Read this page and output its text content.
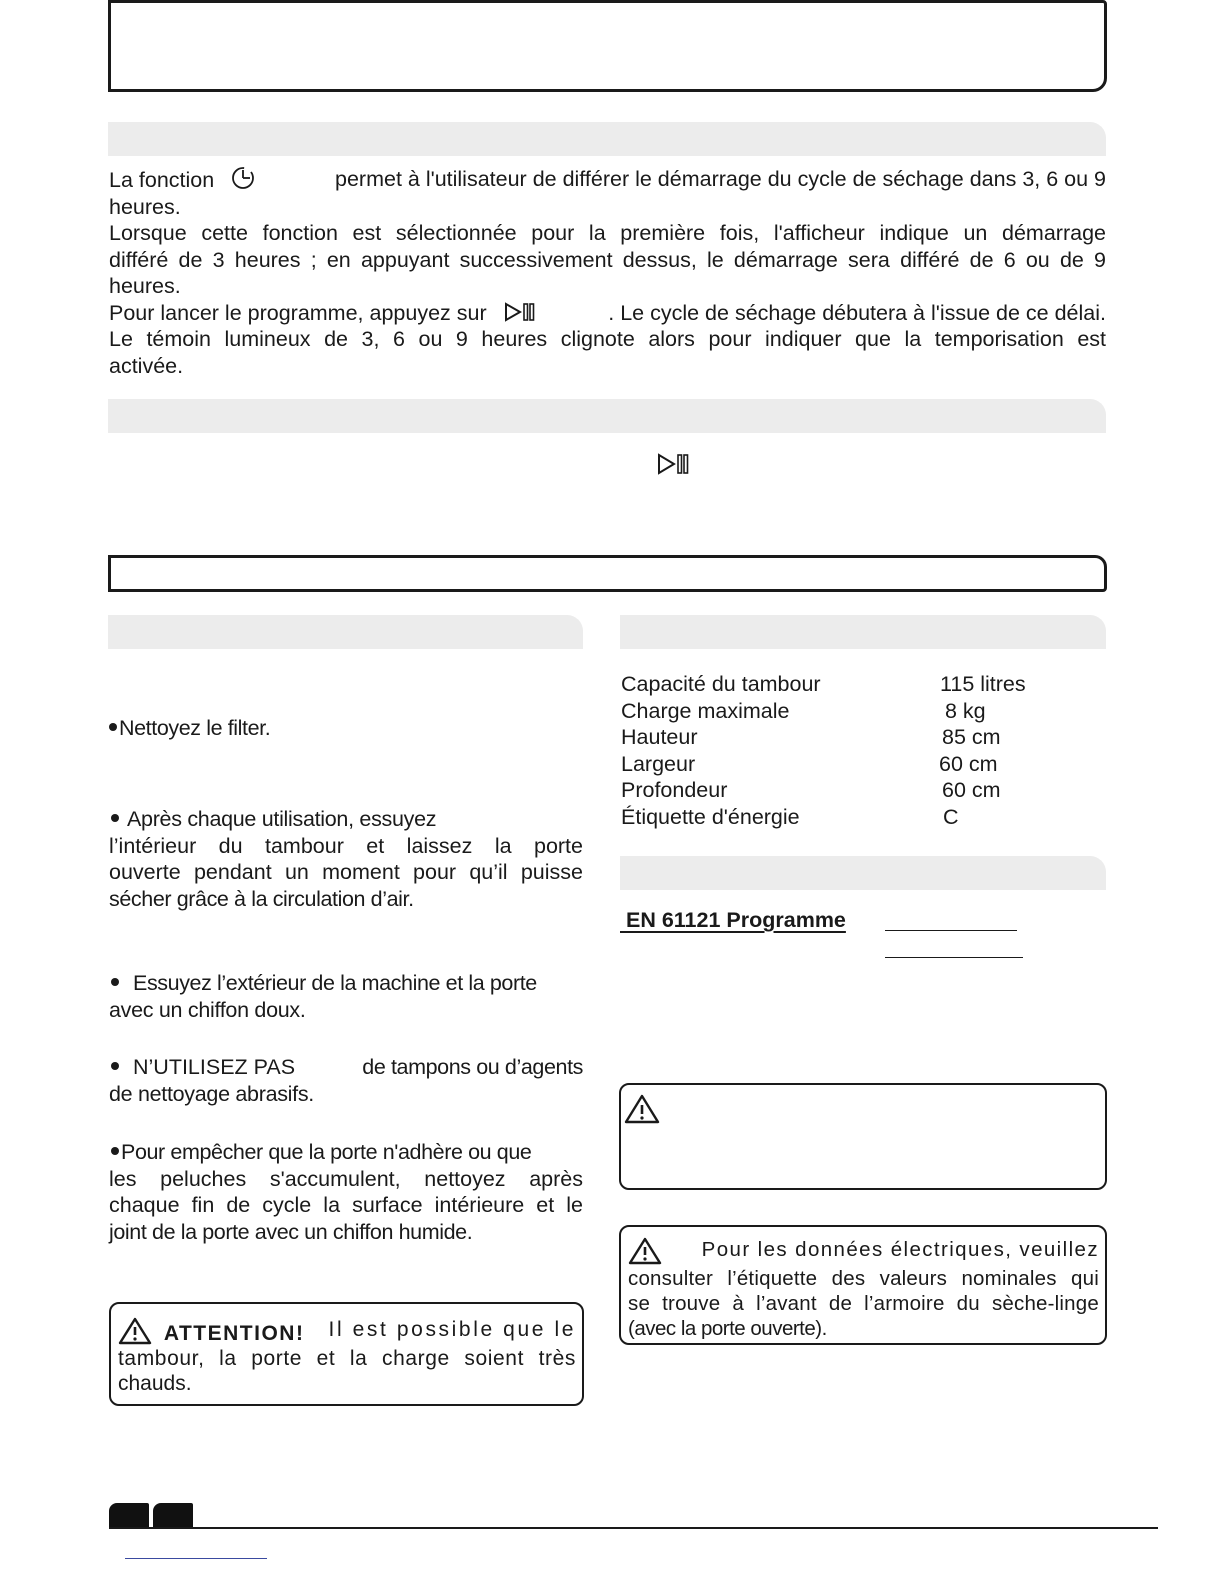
La fonction	permet à l'utilisateur de différer le démarrage du cycle de séchage dans 3, 6 ou 9
heures.
Lorsque cette fonction est sélectionnée pour la première fois, l'afficheur indique un démarrage
différé de 3 heures ; en appuyant successivement dessus, le démarrage sera différé de 6 ou de 9
heures.
Pour lancer le programme, appuyez sur	. Le cycle de séchage débutera à l'issue de ce délai.
Le témoin lumineux de 3, 6 ou 9 heures clignote alors pour indiquer que la temporisation est
activée.
Nettoyez le filter.
Après chaque utilisation, essuyez
l’intérieur du tambour et laissez la porte
ouverte pendant un moment pour qu’il puisse
sécher grâce à la circulation d’air.
Essuyez l’extérieur de la machine et la porte
avec un chiffon doux.
N’UTILISEZ PAS	de tampons ou d’agents
de nettoyage abrasifs.
Pour empêcher que la porte n'adhère ou que
les peluches s'accumulent, nettoyez après
chaque fin de cycle la surface intérieure et le
joint de la porte avec un chiffon humide.
ATTENTION! Il est possible que le
tambour, la porte et la charge soient très
chauds.
Capacité du tambour	115 litres
Charge maximale	8 kg
Hauteur	85 cm
Largeur	60 cm
Profondeur	60 cm
Étiquette d'énergie	C
EN 61121 Programme
Pour les données électriques, veuillez
consulter l’étiquette des valeurs nominales qui
se trouve à l’avant de l’armoire du sèche-linge
(avec la porte ouverte).
